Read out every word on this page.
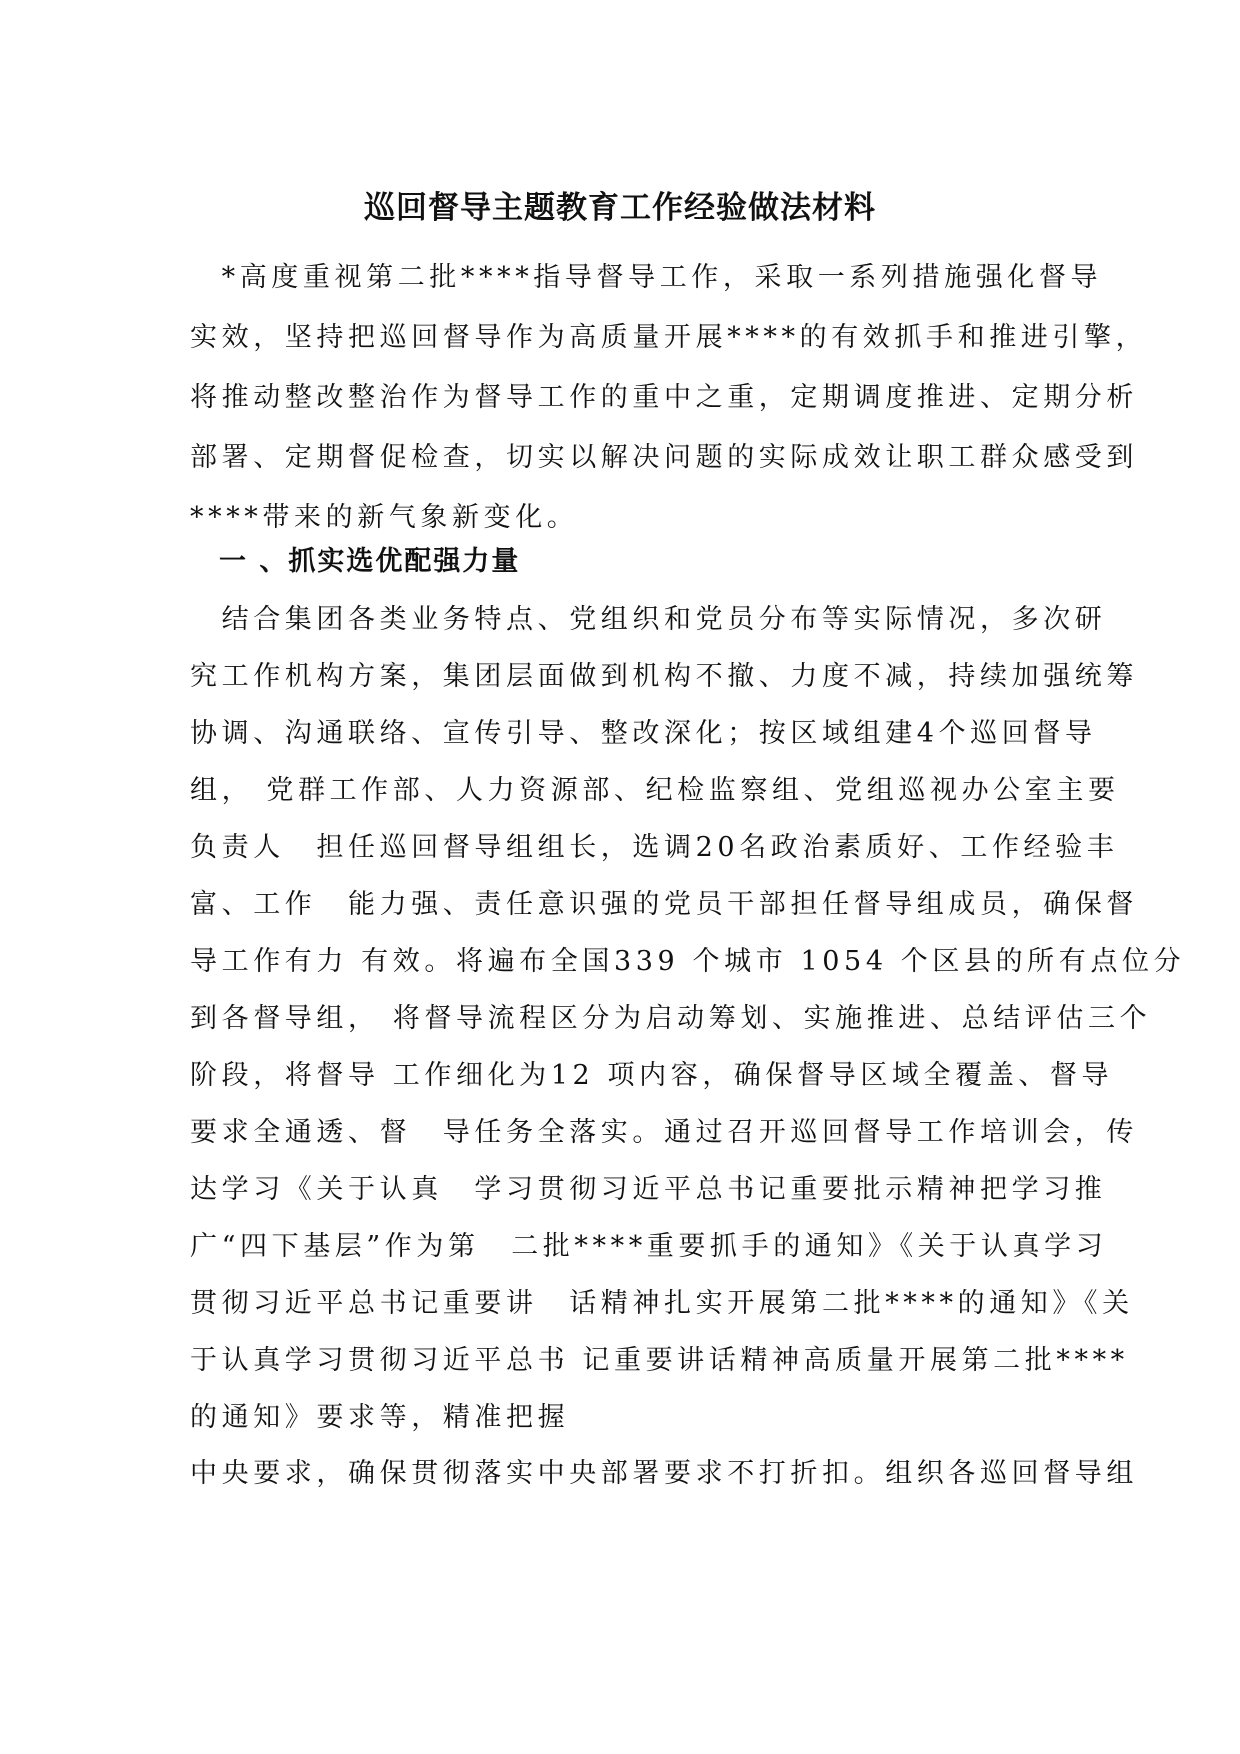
巡回督导主题教育工作经验做法材料
　*高度重视第二批****指导督导工作，采取一系列措施强化督导
实效，坚持把巡回督导作为高质量开展****的有效抓手和推进引擎，
将推动整改整治作为督导工作的重中之重，定期调度推进、定期分析
部署、定期督促检查，切实以解决问题的实际成效让职工群众感受到
****带来的新气象新变化。
　一 、抓实选优配强力量
　结合集团各类业务特点、党组织和党员分布等实际情况，多次研
究工作机构方案，集团层面做到机构不撤、力度不减，持续加强统筹
协调、沟通联络、宣传引导、整改深化；按区域组建4个巡回督导
组， 党群工作部、人力资源部、纪检监察组、党组巡视办公室主要
负责人　担任巡回督导组组长，选调20名政治素质好、工作经验丰
富、工作　能力强、责任意识强的党员干部担任督导组成员，确保督
导工作有力 有效。将遍布全国339 个城市 1054 个区县的所有点位分
到各督导组， 将督导流程区分为启动筹划、实施推进、总结评估三个
阶段，将督导 工作细化为12 项内容，确保督导区域全覆盖、督导
要求全通透、督　导任务全落实。通过召开巡回督导工作培训会，传
达学习《关于认真　学习贯彻习近平总书记重要批示精神把学习推
广“四下基层”作为第　二批****重要抓手的通知》《关于认真学习
贯彻习近平总书记重要讲　话精神扎实开展第二批****的通知》《关
于认真学习贯彻习近平总书 记重要讲话精神高质量开展第二批****
的通知》要求等，精准把握
中央要求，确保贯彻落实中央部署要求不打折扣。组织各巡回督导组
